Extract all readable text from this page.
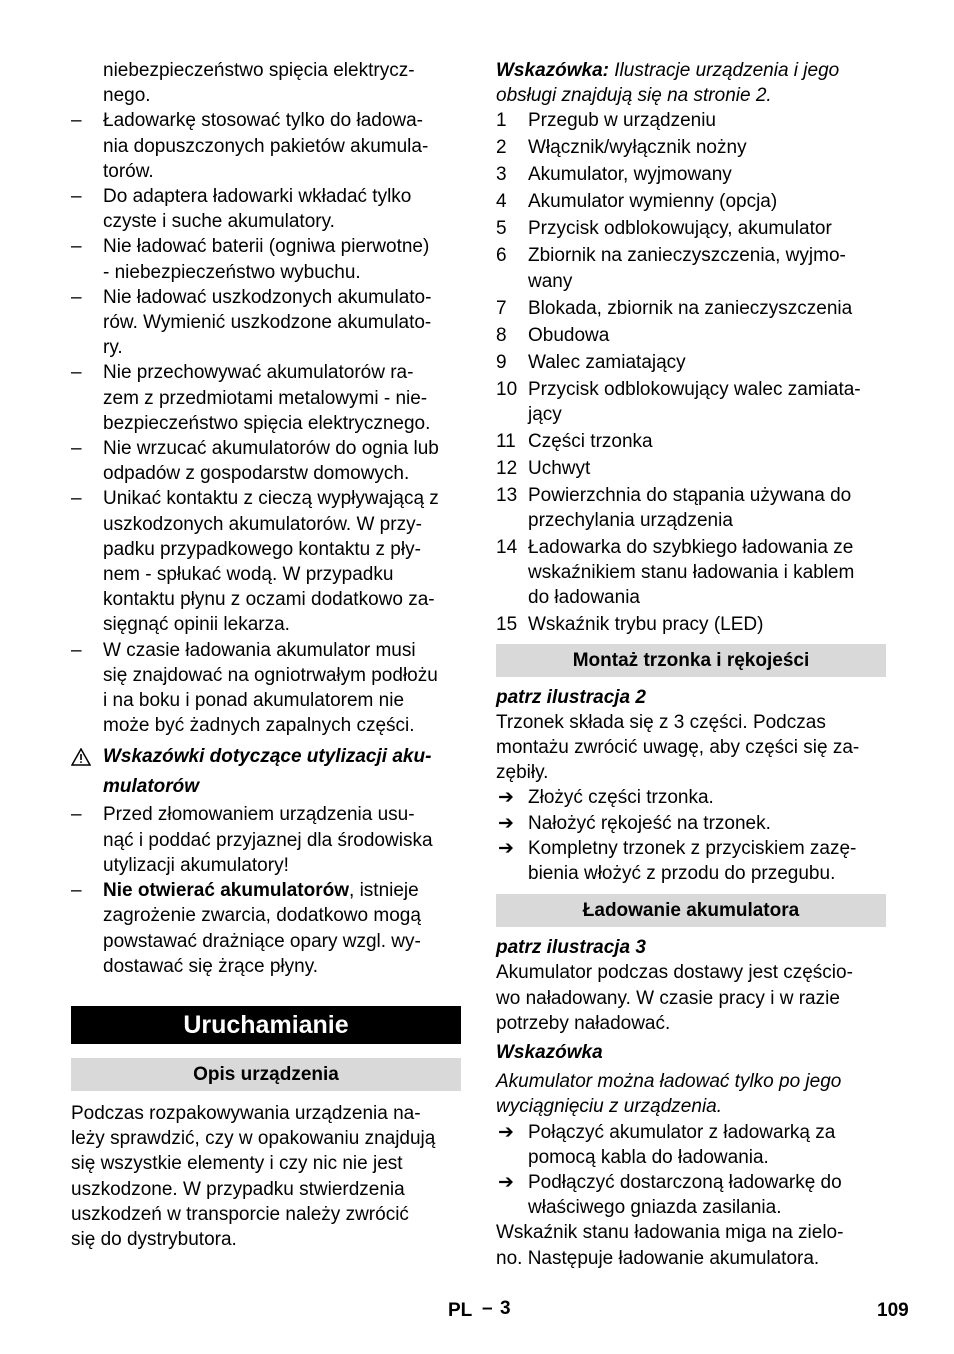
niebezpieczeństwo spięcia elektrycz-
nego.
– Ładowarkę stosować tylko do ładowa-
nia dopuszczonych pakietów akumula-
torów.
– Do adaptera ładowarki wkładać tylko
czyste i suche akumulatory.
– Nie ładować baterii (ogniwa pierwotne)
- niebezpieczeństwo wybuchu.
– Nie ładować uszkodzonych akumulato-
rów. Wymienić uszkodzone akumulato-
ry.
– Nie przechowywać akumulatorów ra-
zem z przedmiotami metalowymi - nie-
bezpieczeństwo spięcia elektrycznego.
– Nie wrzucać akumulatorów do ognia lub
odpadów z gospodarstw domowych.
– Unikać kontaktu z cieczą wypływającą z
uszkodzonych akumulatorów. W przy-
padku przypadkowego kontaktu z pły-
nem - spłukać wodą. W przypadku
kontaktu płynu z oczami dodatkowo za-
sięgnąć opinii lekarza.
– W czasie ładowania akumulator musi
się znajdować na ogniotrwałym podłożu
i na boku i ponad akumulatorem nie
może być żadnych zapalnych części.
Wskazówki dotyczące utylizacji aku-
mulatorów
– Przed złomowaniem urządzenia usu-
nąć i poddać przyjaznej dla środowiska
utylizacji akumulatory!
– Nie otwierać akumulatorów, istnieje
zagrożenie zwarcia, dodatkowo mogą
powstawać drażniące opary wzgl. wy-
dostawać się żrące płyny.
Uruchamianie
Opis urządzenia
Podczas rozpakowywania urządzenia na-
leży sprawdzić, czy w opakowaniu znajdują
się wszystkie elementy i czy nic nie jest
uszkodzone. W przypadku stwierdzenia
uszkodzeń w transporcie należy zwrócić
się do dystrybutora.
Wskazówka: Ilustracje urządzenia i jego
obsługi znajdują się na stronie 2.
1 Przegub w urządzeniu
2 Włącznik/wyłącznik nożny
3 Akumulator, wyjmowany
4 Akumulator wymienny (opcja)
5 Przycisk odblokowujący, akumulator
6 Zbiornik na zanieczyszczenia, wyjmo-
wany
7 Blokada, zbiornik na zanieczyszczenia
8 Obudowa
9 Walec zamiatający
10 Przycisk odblokowujący walec zamiata-
jący
11 Części trzonka
12 Uchwyt
13 Powierzchnia do stąpania używana do
przechylania urządzenia
14 Ładowarka do szybkiego ładowania ze
wskaźnikiem stanu ładowania i kablem
do ładowania
15 Wskaźnik trybu pracy (LED)
Montaż trzonka i rękojeści
patrz ilustracja 2
Trzonek składa się z 3 części. Podczas
montażu zwrócić uwagę, aby części się za-
zębiły.
➔ Złożyć części trzonka.
➔ Nałożyć rękojeść na trzonek.
➔ Kompletny trzonek z przyciskiem zazę-
bienia włożyć z przodu do przegubu.
Ładowanie akumulatora
patrz ilustracja 3
Akumulator podczas dostawy jest częścio-
wo naładowany. W czasie pracy i w razie
potrzeby naładować.
Wskazówka
Akumulator można ładować tylko po jego
wyciągnięciu z urządzenia.
➔ Połączyć akumulator z ładowarką za
pomocą kabla do ładowania.
➔ Podłączyć dostarczoną ładowarkę do
właściwego gniazda zasilania.
Wskaźnik stanu ładowania miga na zielo-
no. Następuje ładowanie akumulatora.
PL – 3	109
